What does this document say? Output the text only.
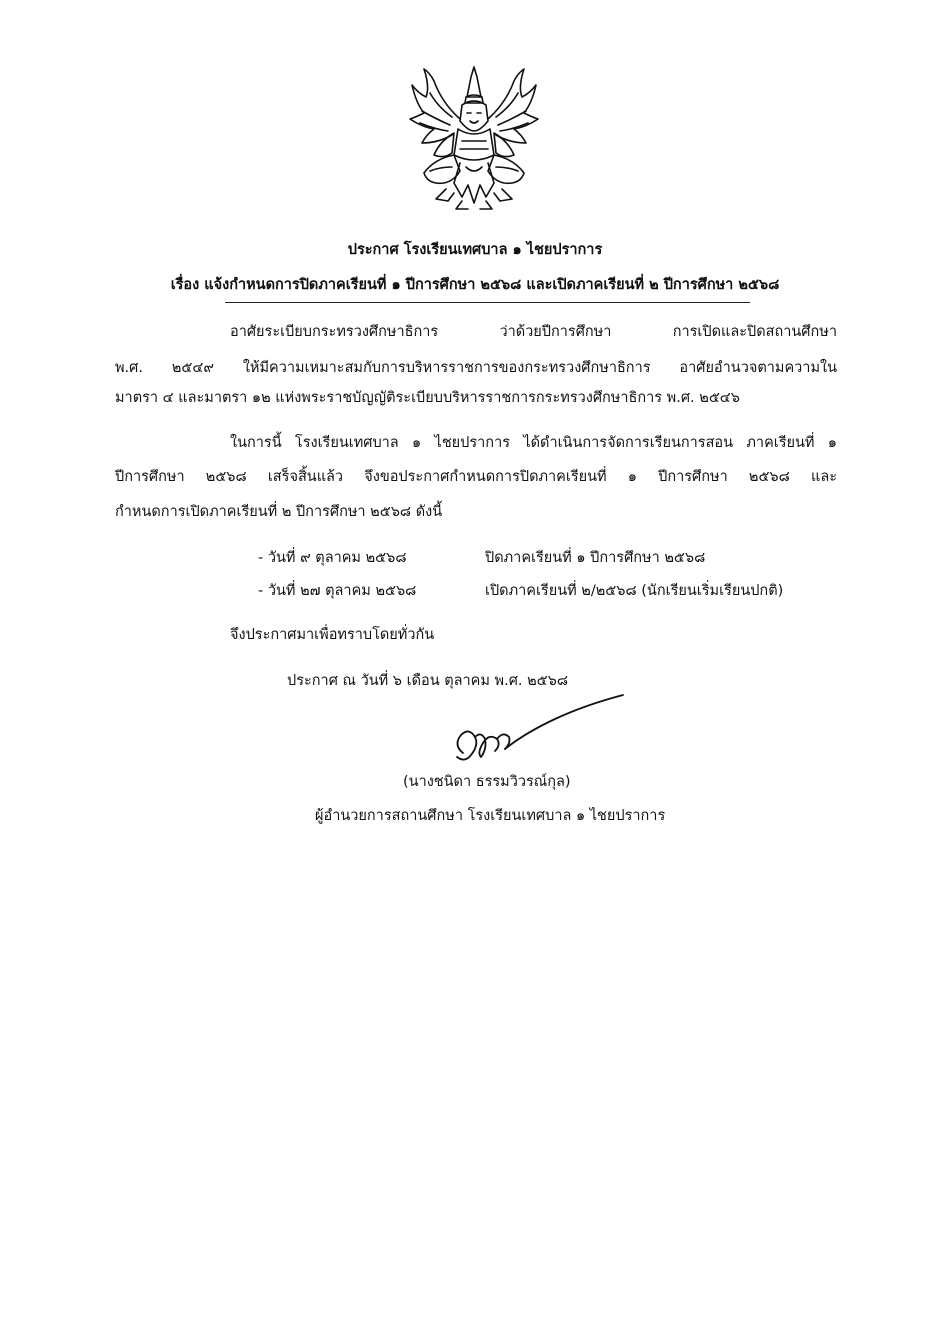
ประกาศ โรงเรียนเทศบาล ๑ ไชยปราการ
เรื่อง แจ้งกำหนดการปิดภาคเรียนที่ ๑ ปีการศึกษา ๒๕๖๘ และเปิดภาคเรียนที่ ๒ ปีการศึกษา ๒๕๖๘
อาศัยระเบียบกระทรวงศึกษาธิการ ว่าด้วยปีการศึกษา การเปิดและปิดสถานศึกษา
พ.ศ. ๒๕๔๙ ให้มีความเหมาะสมกับการบริหารราชการของกระทรวงศึกษาธิการ อาศัยอำนวจตามความใน
มาตรา ๔ และมาตรา ๑๒ แห่งพระราชบัญญัติระเบียบบริหารราชการกระทรวงศึกษาธิการ พ.ศ. ๒๕๔๖
ในการนี้ โรงเรียนเทศบาล ๑ ไชยปราการ ได้ดำเนินการจัดการเรียนการสอน ภาคเรียนที่ ๑
ปีการศึกษา ๒๕๖๘ เสร็จสิ้นแล้ว จึงขอประกาศกำหนดการปิดภาคเรียนที่ ๑ ปีการศึกษา ๒๕๖๘ และ
กำหนดการเปิดภาคเรียนที่ ๒ ปีการศึกษา ๒๕๖๘ ดังนี้
- วันที่ ๙ ตุลาคม ๒๕๖๘	ปิดภาคเรียนที่ ๑ ปีการศึกษา ๒๕๖๘
- วันที่ ๒๗ ตุลาคม ๒๕๖๘	เปิดภาคเรียนที่ ๒/๒๕๖๘ (นักเรียนเริ่มเรียนปกติ)
จึงประกาศมาเพื่อทราบโดยทั่วกัน
ประกาศ ณ วันที่ ๖ เดือน ตุลาคม พ.ศ. ๒๕๖๘
(นางชนิดา ธรรมวิวรณ์กุล)
ผู้อำนวยการสถานศึกษา โรงเรียนเทศบาล ๑ ไชยปราการ
